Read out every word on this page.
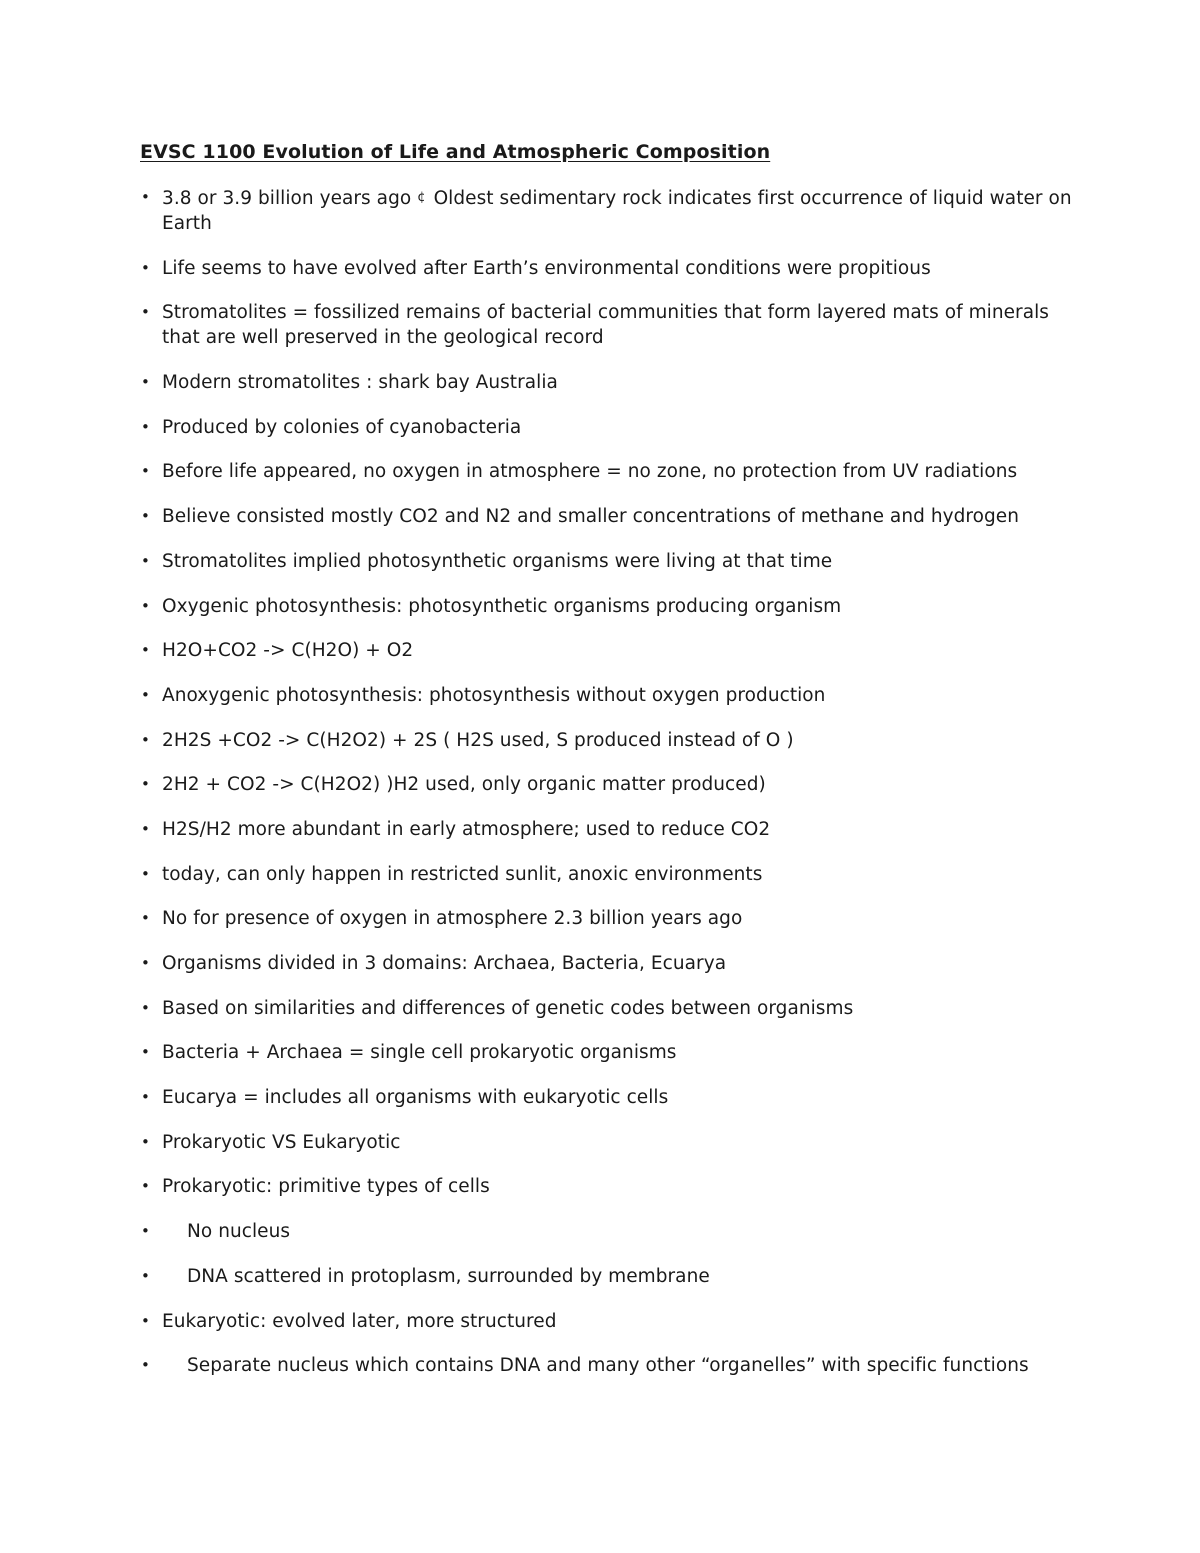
EVSC 1100 Evolution of Life and Atmospheric Composition
• 3.8 or 3.9 billion years ago ¢ Oldest sedimentary rock indicates first occurrence of liquid water on Earth
• Life seems to have evolved after Earth’s environmental conditions were propitious
• Stromatolites = fossilized remains of bacterial communities that form layered mats of minerals that are well preserved in the geological record
• Modern stromatolites : shark bay Australia
• Produced by colonies of cyanobacteria
• Before life appeared, no oxygen in atmosphere = no zone, no protection from UV radiations
• Believe consisted mostly CO2 and N2 and smaller concentrations of methane and hydrogen
• Stromatolites implied photosynthetic organisms were living at that time
• Oxygenic photosynthesis: photosynthetic organisms producing organism
• H2O+CO2 -> C(H2O) + O2
• Anoxygenic photosynthesis: photosynthesis without oxygen production
• 2H2S +CO2 -> C(H2O2) + 2S ( H2S used, S produced instead of O )
• 2H2 + CO2 -> C(H2O2) )H2 used, only organic matter produced)
• H2S/H2 more abundant in early atmosphere; used to reduce CO2
• today, can only happen in restricted sunlit, anoxic environments
• No for presence of oxygen in atmosphere 2.3 billion years ago
• Organisms divided in 3 domains: Archaea, Bacteria, Ecuarya
• Based on similarities and differences of genetic codes between organisms
• Bacteria + Archaea = single cell prokaryotic organisms
• Eucarya = includes all organisms with eukaryotic cells
• Prokaryotic VS Eukaryotic
• Prokaryotic: primitive types of cells
• No nucleus
• DNA scattered in protoplasm, surrounded by membrane
• Eukaryotic: evolved later, more structured
• Separate nucleus which contains DNA and many other “organelles” with specific functions
